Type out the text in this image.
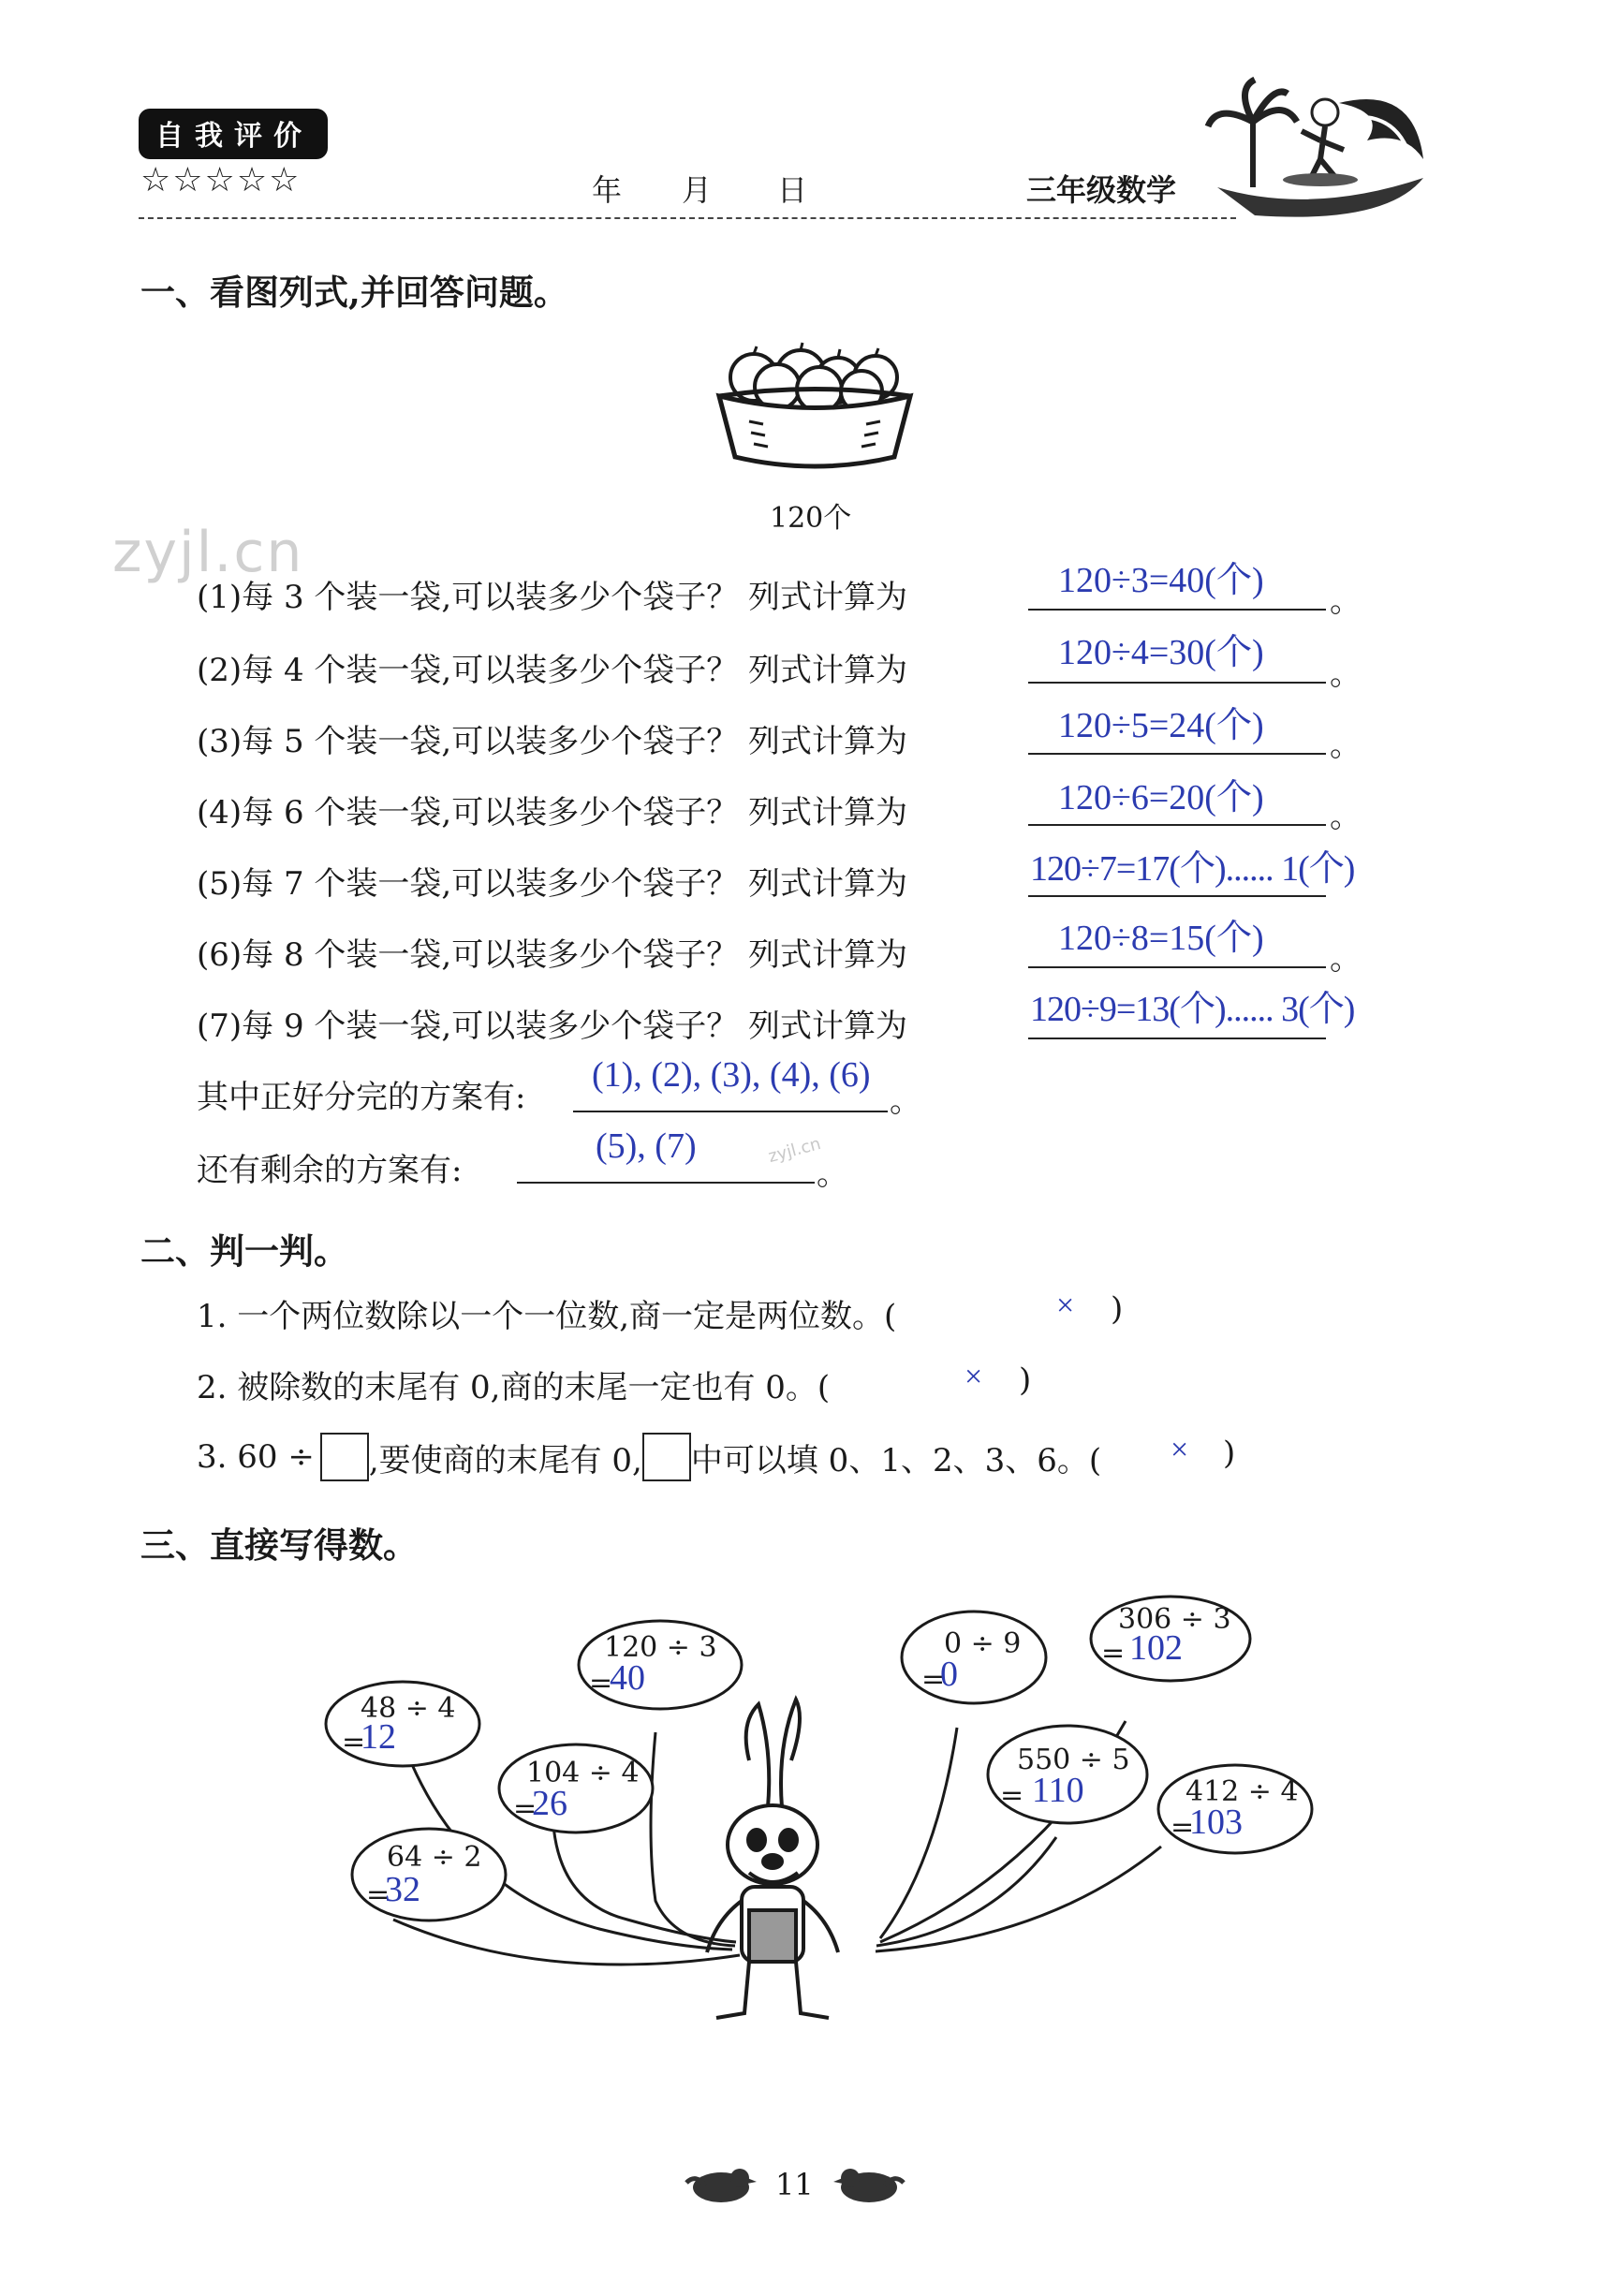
自我评价
☆☆☆☆☆	年 月 日	三年级数学
zyjl.cn
zyjl.cn
一、看图列式,并回答问题。
120个
(1)每 3 个装一袋,可以装多少个袋子？ 列式计算为	120÷3=40(个)
。
(2)每 4 个装一袋,可以装多少个袋子？ 列式计算为	120÷4=30(个)
。
(3)每 5 个装一袋,可以装多少个袋子？ 列式计算为	120÷5=24(个) 。
(4)每 6 个装一袋,可以装多少个袋子？ 列式计算为	120÷6=20(个) 。
(5)每 7 个装一袋,可以装多少个袋子？ 列式计算为	120÷7=17(个)...... 1(个)
(6)每 8 个装一袋,可以装多少个袋子？ 列式计算为	120÷8=15(个)
。
(7)每 9 个装一袋,可以装多少个袋子？ 列式计算为	120÷9=13(个)...... 3(个)
其中正好分完的方案有:
(1), (2), (3), (4), (6)
。
还有剩余的方案有:
(5), (7)
。
二、判一判。
1. 一个两位数除以一个一位数,商一定是两位数。(	× )
2. 被除数的末尾有 0,商的末尾一定也有 0。(	× )
3. 60 ÷ ,要使商的末尾有 0, 中可以填 0、1、2、3、6。( × )
三、直接写得数。
48 ÷ 4
=
12
120 ÷ 3
=
40
104 ÷ 4
=
26
64 ÷ 2
=
32
0 ÷ 9
=
0
306 ÷ 3
= 102
550 ÷ 5
= 110	412 ÷ 4
=
103
11
